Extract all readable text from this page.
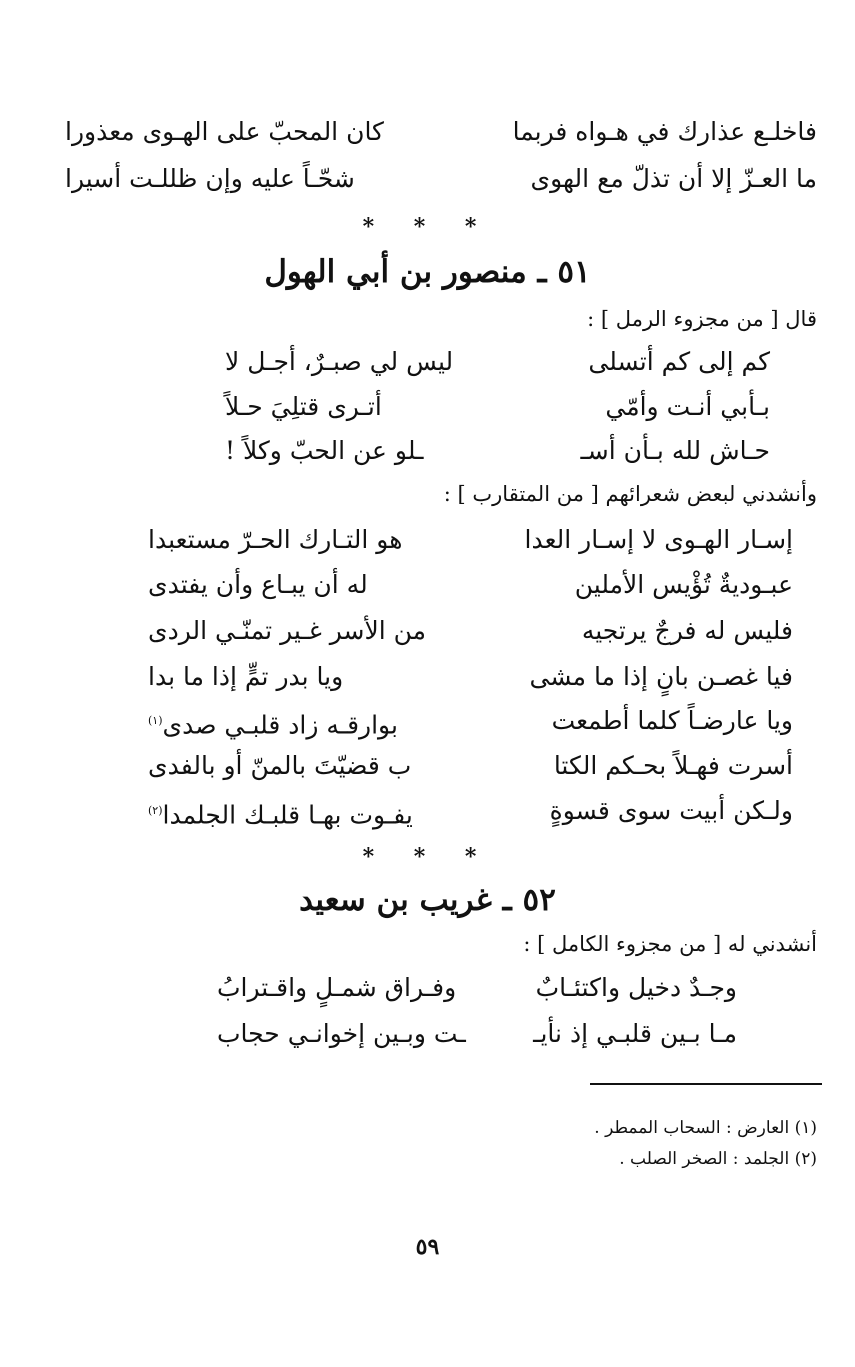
فاخلـع عذارك في هـواه فربما
كان المحبّ على الهـوى معذورا
ما العـزّ إلا أن تذلّ مع الهوى
شحّـاً عليه وإن ظللـت أسيرا
* * *
٥١ ـ منصور بن أبي الهول
قال [ من مجزوء الرمل ] :
كم إلى كم أتسلى
ليس لي صبـرٌ، أجـل لا
بـأبي أنـت وأمّي
أتـرى قتلِيَ حـلاً
حـاش لله بـأن أسـ
ـلو عن الحبّ وكلاً !
وأنشدني لبعض شعرائهم [ من المتقارب ] :
إسـار الهـوى لا إسـار العدا
هو التـارك الحـرّ مستعبدا
عبـوديةٌ تُؤْيس الأملين
له أن يبـاع وأن يفتدى
فليس له فرجٌ يرتجيه
من الأسر غـير تمنّـي الردى
فيا غصـن بانٍ إذا ما مشى
ويا بدر تمٍّ إذا ما بدا
ويا عارضـاً كلما أطمعت
بوارقـه زاد قلبـي صدى$^{(١)}$
أسرت فهـلاً بحـكم الكتا
ب قضيّتَ بالمنّ أو بالفدى
ولـكن أبيت سوى قسوةٍ
يفـوت بهـا قلبـك الجلمدا$^{(٢)}$
* * *
٥٢ ـ غريب بن سعيد
أنشدني له [ من مجزوء الكامل ] :
وجـدٌ دخيل واكتئـابٌ
وفـراق شمـلٍ واقـترابُ
مـا بـين قلبـي إذ نأيـ
ـت وبـين إخوانـي حجاب
(١) العارض : السحاب الممطر .
(٢) الجلمد : الصخر الصلب .
٥٩
